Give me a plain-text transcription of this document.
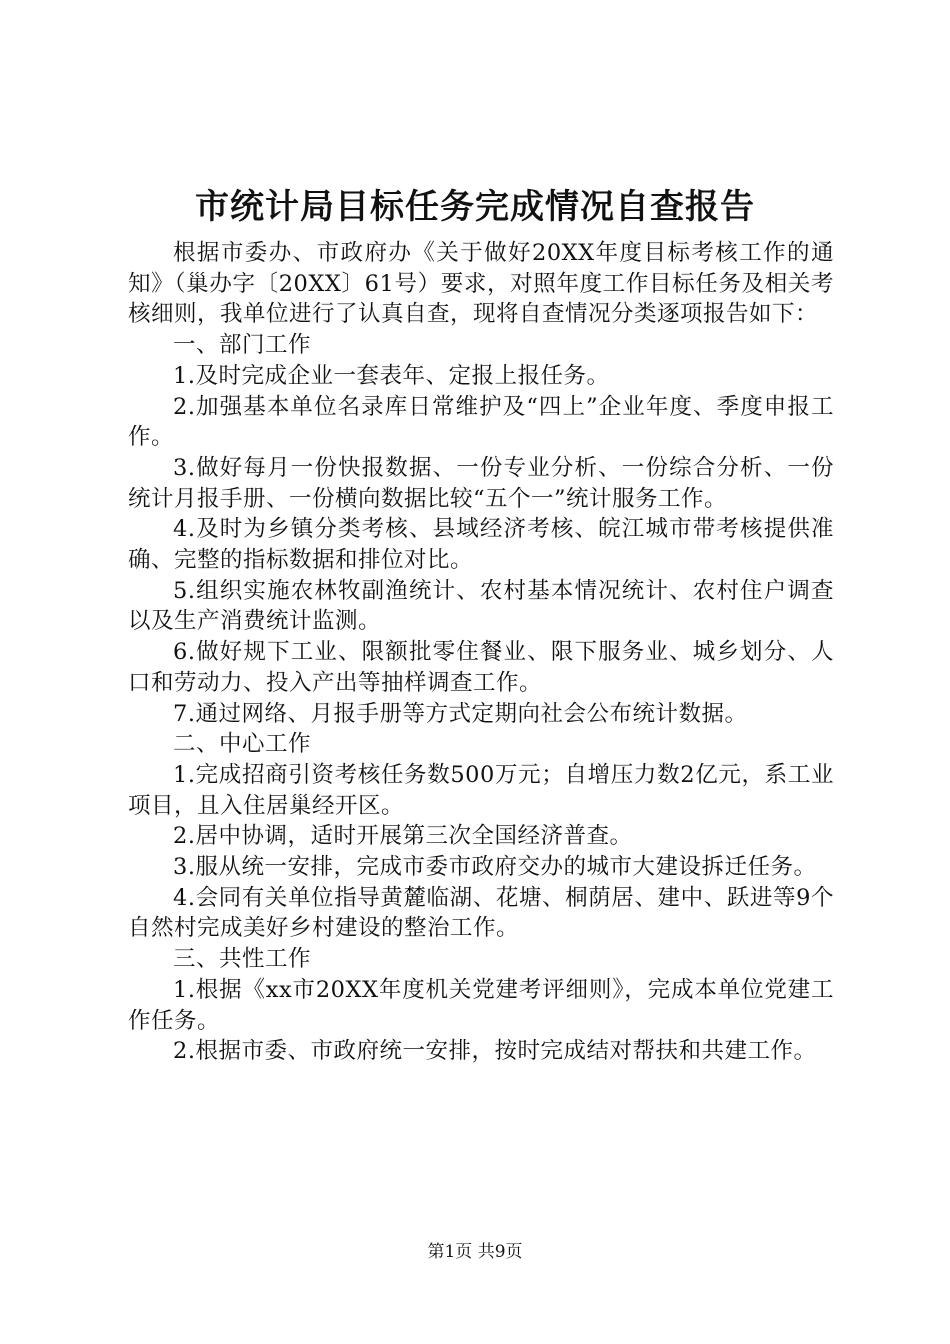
市统计局目标任务完成情况自查报告

根据市委办、市政府办《关于做好20XX年度目标考核工作的通知》（巢办字〔20XX〕61号）要求，对照年度工作目标任务及相关考核细则，我单位进行了认真自查，现将自查情况分类逐项报告如下：

一、部门工作

1.及时完成企业一套表年、定报上报任务。

2.加强基本单位名录库日常维护及“四上”企业年度、季度申报工作。

3.做好每月一份快报数据、一份专业分析、一份综合分析、一份统计月报手册、一份横向数据比较“五个一”统计服务工作。

4.及时为乡镇分类考核、县域经济考核、皖江城市带考核提供准确、完整的指标数据和排位对比。

5.组织实施农林牧副渔统计、农村基本情况统计、农村住户调查以及生产消费统计监测。

6.做好规下工业、限额批零住餐业、限下服务业、城乡划分、人口和劳动力、投入产出等抽样调查工作。

7.通过网络、月报手册等方式定期向社会公布统计数据。

二、中心工作

1.完成招商引资考核任务数500万元；自增压力数2亿元，系工业项目，且入住居巢经开区。

2.居中协调，适时开展第三次全国经济普查。

3.服从统一安排，完成市委市政府交办的城市大建设拆迁任务。

4.会同有关单位指导黄麓临湖、花塘、桐荫居、建中、跃进等9个自然村完成美好乡村建设的整治工作。

三、共性工作

1.根据《xx市20XX年度机关党建考评细则》，完成本单位党建工作任务。

2.根据市委、市政府统一安排，按时完成结对帮扶和共建工作。

第1页 共9页
